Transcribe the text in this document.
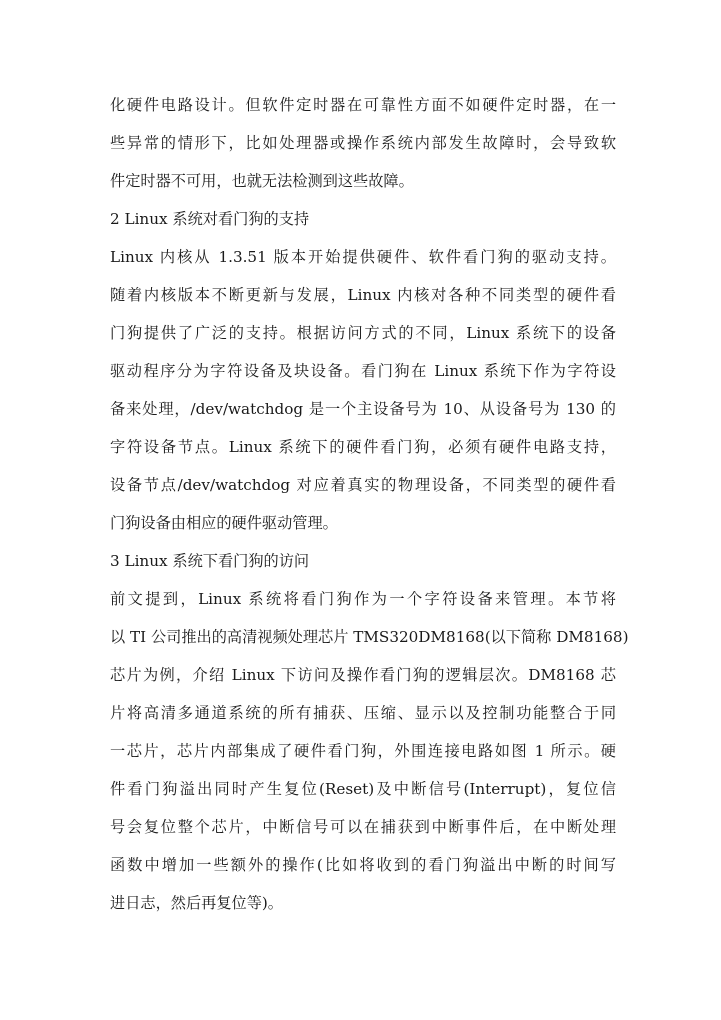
化硬件电路设计。但软件定时器在可靠性方面不如硬件定时器，在一

些异常的情形下，比如处理器或操作系统内部发生故障时，会导致软

件定时器不可用，也就无法检测到这些故障。

2 Linux 系统对看门狗的支持

Linux 内核从 1.3.51 版本开始提供硬件、软件看门狗的驱动支持。

随着内核版本不断更新与发展，Linux 内核对各种不同类型的硬件看

门狗提供了广泛的支持。根据访问方式的不同，Linux 系统下的设备

驱动程序分为字符设备及块设备。看门狗在 Linux 系统下作为字符设

备来处理，/dev/watchdog 是一个主设备号为 10、从设备号为 130 的

字符设备节点。Linux 系统下的硬件看门狗，必须有硬件电路支持，

设备节点/dev/watchdog 对应着真实的物理设备，不同类型的硬件看

门狗设备由相应的硬件驱动管理。

3 Linux 系统下看门狗的访问

前文提到，Linux 系统将看门狗作为一个字符设备来管理。本节将

以 TI 公司推出的高清视频处理芯片 TMS320DM8168(以下简称 DM8168)

芯片为例，介绍 Linux 下访问及操作看门狗的逻辑层次。DM8168 芯

片将高清多通道系统的所有捕获、压缩、显示以及控制功能整合于同

一芯片，芯片内部集成了硬件看门狗，外围连接电路如图 1 所示。硬

件看门狗溢出同时产生复位(Reset)及中断信号(Interrupt)，复位信

号会复位整个芯片，中断信号可以在捕获到中断事件后，在中断处理

函数中增加一些额外的操作(比如将收到的看门狗溢出中断的时间写

进日志，然后再复位等)。
